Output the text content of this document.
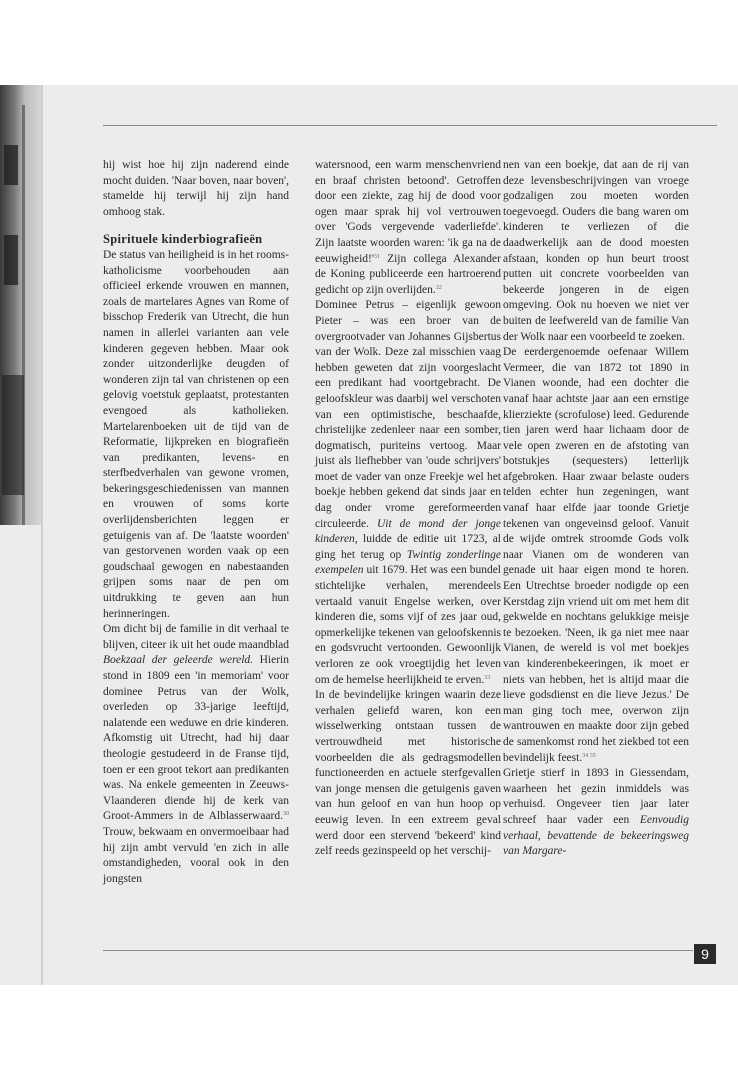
hij wist hoe hij zijn naderend einde mocht duiden. 'Naar boven, naar boven', stamelde hij terwijl hij zijn hand omhoog stak.

Spirituele kinderbiografieën

De status van heiligheid is in het rooms-katholicisme voorbehouden aan officieel erkende vrouwen en mannen, zoals de martelares Agnes van Rome of bisschop Frederik van Utrecht, die hun namen in allerlei varianten aan vele kinderen gegeven hebben. Maar ook zonder uitzonderlijke deugden of wonderen zijn tal van christenen op een gelovig voetstuk geplaatst, protestanten evengoed als katholieken. Martelarenboeken uit de tijd van de Reformatie, lijkpreken en biografieën van predikanten, levens- en sterfbedverhalen van gewone vromen, bekeringsgeschiedenissen van mannen en vrouwen of soms korte overlijdensberichten leggen er getuigenis van af. De 'laatste woorden' van gestorvenen worden vaak op een goudschaal gewogen en nabestaanden grijpen soms naar de pen om uitdrukking te geven aan hun herinneringen.

Om dicht bij de familie in dit verhaal te blijven, citeer ik uit het oude maandblad Boekzaal der geleerde wereld. Hierin stond in 1809 een 'in memoriam' voor dominee Petrus van der Wolk, overleden op 33-jarige leeftijd, nalatende een weduwe en drie kinderen. Afkomstig uit Utrecht, had hij daar theologie gestudeerd in de Franse tijd, toen er een groot tekort aan predikanten was. Na enkele gemeenten in Zeeuws-Vlaanderen diende hij de kerk van Groot-Ammers in de Alblasserwaard.$^{30}$ Trouw, bekwaam en onvermoeibaar had hij zijn ambt vervuld 'en zich in alle omstandigheden, vooral ook in den jongsten

watersnood, een warm menschenvriend en braaf christen betoond'. Getroffen door een ziekte, zag hij de dood voor ogen maar sprak hij vol vertrouwen over 'Gods vergevende vaderliefde'. Zijn laatste woorden waren: 'ik ga na de $eeuwigheid!'^{31}$ Zijn collega Alexander de Koning publiceerde een hartroerend gedicht op zijn overlijden.$^{32}$

Dominee Petrus – eigenlijk gewoon Pieter – was een broer van de overgrootvader van Johannes Gijsbertus van der Wolk. Deze zal misschien vaag hebben geweten dat zijn voorgeslacht een predikant had voortgebracht. De geloofskleur was daarbij wel verschoten van een optimistische, beschaafde, christelijke zedenleer naar een somber, dogmatisch, puriteins vertoog. Maar juist als liefhebber van 'oude schrijvers' moet de vader van onze Freekje wel het boekje hebben gekend dat sinds jaar en dag onder vrome gereformeerden circuleerde. Uit de mond der jonge kinderen, luidde de editie uit 1723, al ging het terug op Twintig zonderlinge exempelen uit 1679. Het was een bundel stichtelijke verhalen, merendeels vertaald vanuit Engelse werken, over kinderen die, soms vijf of zes jaar oud, opmerkelijke tekenen van geloofskennis en godsvrucht vertoonden. Gewoonlijk verloren ze ook vroegtijdig het leven om de hemelse heerlijkheid te erven.$^{33}$

In de bevindelijke kringen waarin deze verhalen geliefd waren, kon een wisselwerking ontstaan tussen de vertrouwdheid met historische voorbeelden die als gedragsmodellen functioneerden en actuele sterfgevallen van jonge mensen die getuigenis gaven van hun geloof en van hun hoop op eeuwig leven. In een extreem geval werd door een stervend 'bekeerd' kind zelf reeds gezinspeeld op het verschij-

nen van een boekje, dat aan de rij van deze levensbeschrijvingen van vroege godzaligen zou moeten worden toegevoegd. Ouders die bang waren om kinderen te verliezen of die daadwerkelijk aan de dood moesten afstaan, konden op hun beurt troost putten uit concrete voorbeelden van bekeerde jongeren in de eigen omgeving. Ook nu hoeven we niet ver buiten de leefwereld van de familie Van der Wolk naar een voorbeeld te zoeken.

De eerdergenoemde oefenaar Willem Vermeer, die van 1872 tot 1890 in Vianen woonde, had een dochter die vanaf haar achtste jaar aan een ernstige klierziekte (scrofulose) leed. Gedurende tien jaren werd haar lichaam door de vele open zweren en de afstoting van botstukjes (sequesters) letterlijk afgebroken. Haar zwaar belaste ouders telden echter hun zegeningen, want vanaf haar elfde jaar toonde Grietje tekenen van ongeveinsd geloof. Vanuit de wijde omtrek stroomde Gods volk naar Vianen om de wonderen van genade uit haar eigen mond te horen. Een Utrechtse broeder nodigde op een Kerstdag zijn vriend uit om met hem dit gekwelde en nochtans gelukkige meisje te bezoeken. 'Neen, ik ga niet mee naar Vianen, de wereld is vol met boekjes van kinderenbekeeringen, ik moet er niets van hebben, het is altijd maar die lieve godsdienst en die lieve Jezus.' De man ging toch mee, overwon zijn wantrouwen en maakte door zijn gebed de samenkomst rond het ziekbed tot een bevindelijk feest.$^{34 35}$

Grietje stierf in 1893 in Giessendam, waarheen het gezin inmiddels was verhuisd. Ongeveer tien jaar later schreef haar vader een Eenvoudig verhaal, bevattende de bekeeringsweg van Margare-

9
